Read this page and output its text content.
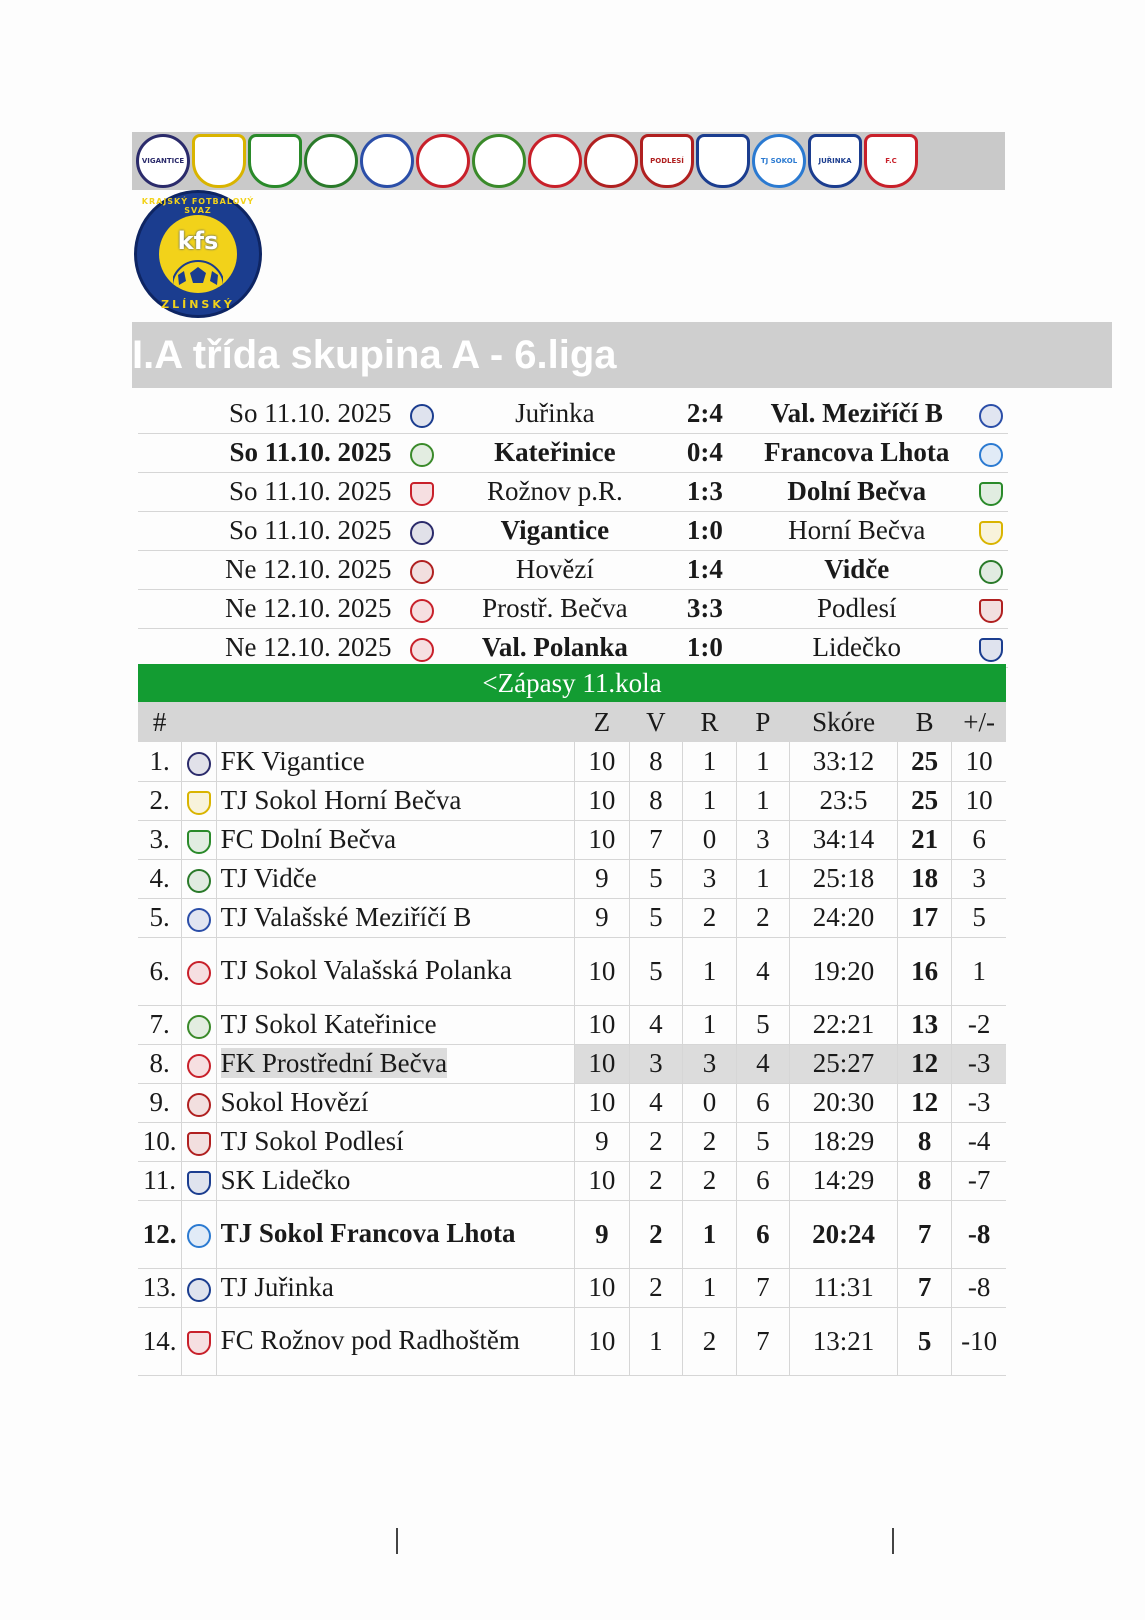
VIGANTICE	PODLESÍ	TJ SOKOL	JUŘINKA	F.C
KRAJSKÝ FOTBALOVÝ SVAZ
kfs
ZLÍNSKÝ
I.A třída skupina A - 6.liga
So 11.10. 2025		Juřinka	2:4	Val. Meziříčí B	
So 11.10. 2025		Kateřinice	0:4	Francova Lhota	
So 11.10. 2025		Rožnov p.R.	1:3	Dolní Bečva	
So 11.10. 2025		Vigantice	1:0	Horní Bečva	
Ne 12.10. 2025		Hovězí	1:4	Vidče	
Ne 12.10. 2025		Prostř. Bečva	3:3	Podlesí	
Ne 12.10. 2025		Val. Polanka	1:0	Lidečko	
<Zápasy 11.kola
#			Z	V	R	P	Skóre	B	+/-
1.		FK Vigantice	10	8	1	1	33:12	25	10
2.		TJ Sokol Horní Bečva	10	8	1	1	23:5	25	10
3.		FC Dolní Bečva	10	7	0	3	34:14	21	6
4.		TJ Vidče	9	5	3	1	25:18	18	3
5.		TJ Valašské Meziříčí B	9	5	2	2	24:20	17	5
6.		TJ Sokol Valašská Polanka	10	5	1	4	19:20	16	1
7.		TJ Sokol Kateřinice	10	4	1	5	22:21	13	-2
8.		FK Prostřední Bečva	10	3	3	4	25:27	12	-3
9.		Sokol Hovězí	10	4	0	6	20:30	12	-3
10.		TJ Sokol Podlesí	9	2	2	5	18:29	8	-4
11.		SK Lidečko	10	2	2	6	14:29	8	-7
12.		TJ Sokol Francova Lhota	9	2	1	6	20:24	7	-8
13.		TJ Juřinka	10	2	1	7	11:31	7	-8
14.		FC Rožnov pod Radhoštěm	10	1	2	7	13:21	5	-10
